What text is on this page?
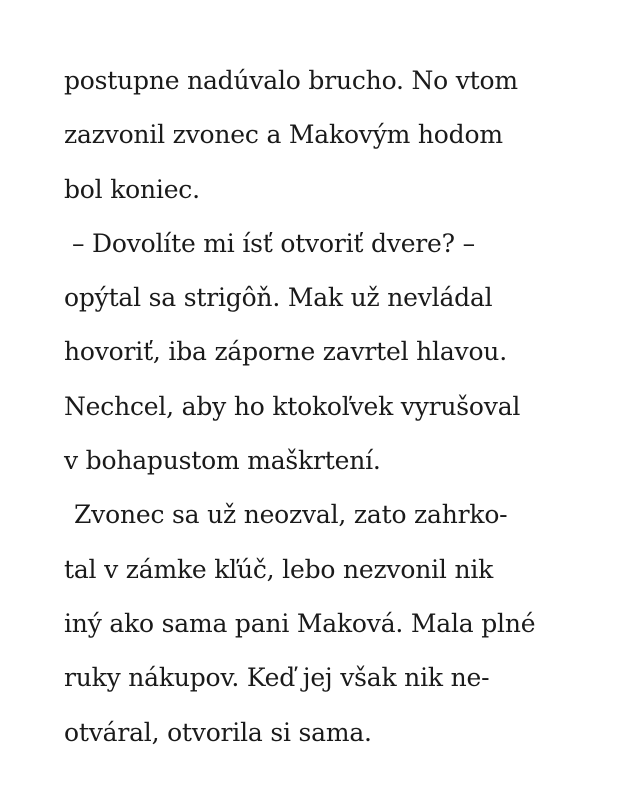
postupne nadúvalo brucho. No vtom
zazvonil zvonec a Makovým hodom
bol koniec.
– Dovolíte mi ísť otvoriť dvere? –
opýtal sa strigôň. Mak už nevládal
hovoriť, iba záporne zavrtel hlavou.
Nechcel, aby ho ktokoľvek vyrušoval
v bohapustom maškrtení.
Zvonec sa už neozval, zato zahrko-
tal v zámke kľúč, lebo nezvonil nik
iný ako sama pani Maková. Mala plné
ruky nákupov. Keď jej však nik ne-
otváral, otvorila si sama.
